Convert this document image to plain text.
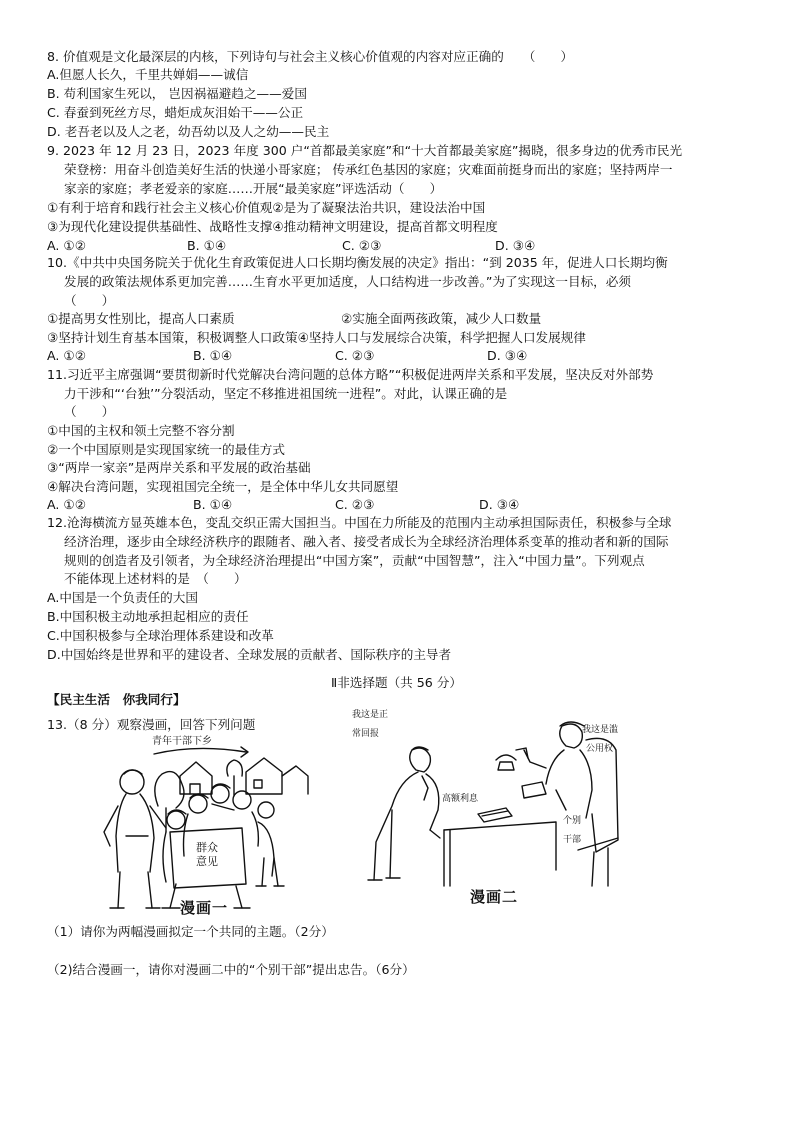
8. 价值观是文化最深层的内核，下列诗句与社会主义核心价值观的内容对应正确的　　（　　）
A.但愿人长久，千里共婵娟——诚信
B. 苟利国家生死以， 岂因祸福避趋之——爱国
C. 春蚕到死丝方尽，蜡炬成灰泪始干——公正
D. 老吾老以及人之老，幼吾幼以及人之幼——民主
9. 2023 年 12 月 23 日，2023 年度 300 户“首都最美家庭”和“十大首都最美家庭”揭晓，很多身边的优秀市民光
荣登榜：用奋斗创造美好生活的快递小哥家庭； 传承红色基因的家庭；灾难面前挺身而出的家庭；坚持两岸一
家亲的家庭；孝老爱亲的家庭……开展“最美家庭”评选活动（　　）
①有利于培育和践行社会主义核心价值观②是为了凝聚法治共识，建设法治中国
③为现代化建设提供基础性、战略性支撑④推动精神文明建设，提高首都文明程度
A. ①②	B. ①④	C. ②③	D. ③④
10.《中共中央国务院关于优化生育政策促进人口长期均衡发展的决定》指出：“到 2035 年，促进人口长期均衡
发展的政策法规体系更加完善……生育水平更加适度，人口结构进一步改善。”为了实现这一目标，必须
（　　）
①提高男女性别比，提高人口素质	②实施全面两孩政策，减少人口数量
③坚持计划生育基本国策，积极调整人口政策④坚持人口与发展综合决策，科学把握人口发展规律
A. ①②	B. ①④	C. ②③	D. ③④
11.习近平主席强调“要贯彻新时代党解决台湾问题的总体方略”“积极促进两岸关系和平发展，坚决反对外部势
力干涉和“‘台独’”分裂活动，坚定不移推进祖国统一进程”。对此，认课正确的是
（　　）
①中国的主权和领土完整不容分割
②一个中国原则是实现国家统一的最佳方式
③“两岸一家亲”是两岸关系和平发展的政治基础
④解决台湾问题，实现祖国完全统一，是全体中华儿女共同愿望
A. ①②	B. ①④	C. ②③	D. ③④
12.沧海横流方显英雄本色，变乱交织正需大国担当。中国在力所能及的范围内主动承担国际责任，积极参与全球
经济治理，逐步由全球经济秩序的跟随者、融入者、接受者成长为全球经济治理体系变革的推动者和新的国际
规则的创造者及引领者，为全球经济治理提出“中国方案”，贡献“中国智慧”，注入“中国力量”。下列观点
不能体现上述材料的是　（　　）
A.中国是一个负责任的大国
B.中国积极主动地承担起相应的责任
C.中国积极参与全球治理体系建设和改革
D.中国始终是世界和平的建设者、全球发展的贡献者、国际秩序的主导者
Ⅱ非选择题（共 56 分）
【民主生活　你我同行】
13.（8 分）观察漫画，回答下列问题
青年干部下乡
群众
意见
漫画一
我这是正
常回报	我这是滥
公用权
高额利息
个别
干部
漫画二
（1）请你为两幅漫画拟定一个共同的主题。（2分）
（2)结合漫画一，请你对漫画二中的“个别干部”提出忠告。（6分）
